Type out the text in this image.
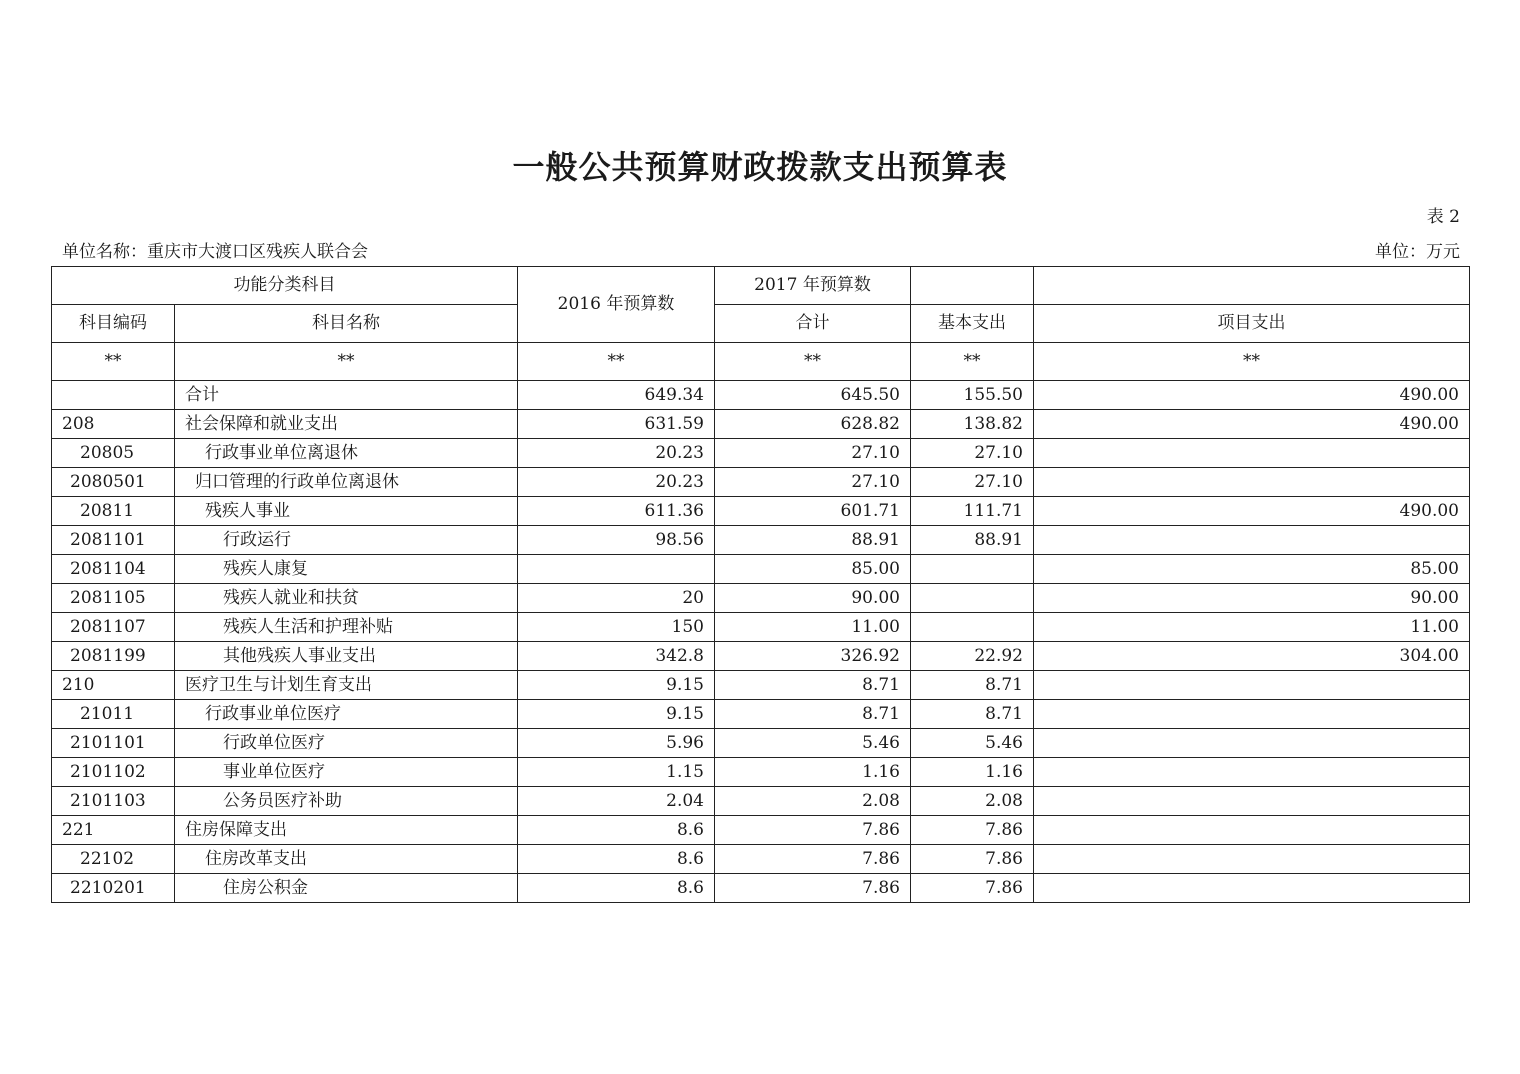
一般公共预算财政拨款支出预算表
表 2
单位名称：重庆市大渡口区残疾人联合会	单位：万元
功能分类科目		2016 年预算数	2017 年预算数		
科目编码	科目名称		合计	基本支出	项目支出
**	**	**	**	**	**
	合计	649.34	645.50	155.50	490.00
208	社会保障和就业支出	631.59	628.82	138.82	490.00
20805	行政事业单位离退休	20.23	27.10	27.10	
2080501	归口管理的行政单位离退休	20.23	27.10	27.10	
20811	残疾人事业	611.36	601.71	111.71	490.00
2081101	行政运行	98.56	88.91	88.91	
2081104	残疾人康复		85.00		85.00
2081105	残疾人就业和扶贫	20	90.00		90.00
2081107	残疾人生活和护理补贴	150	11.00		11.00
2081199	其他残疾人事业支出	342.8	326.92	22.92	304.00
210	医疗卫生与计划生育支出	9.15	8.71	8.71	
21011	行政事业单位医疗	9.15	8.71	8.71	
2101101	行政单位医疗	5.96	5.46	5.46	
2101102	事业单位医疗	1.15	1.16	1.16	
2101103	公务员医疗补助	2.04	2.08	2.08	
221	住房保障支出	8.6	7.86	7.86	
22102	住房改革支出	8.6	7.86	7.86	
2210201	住房公积金	8.6	7.86	7.86	
